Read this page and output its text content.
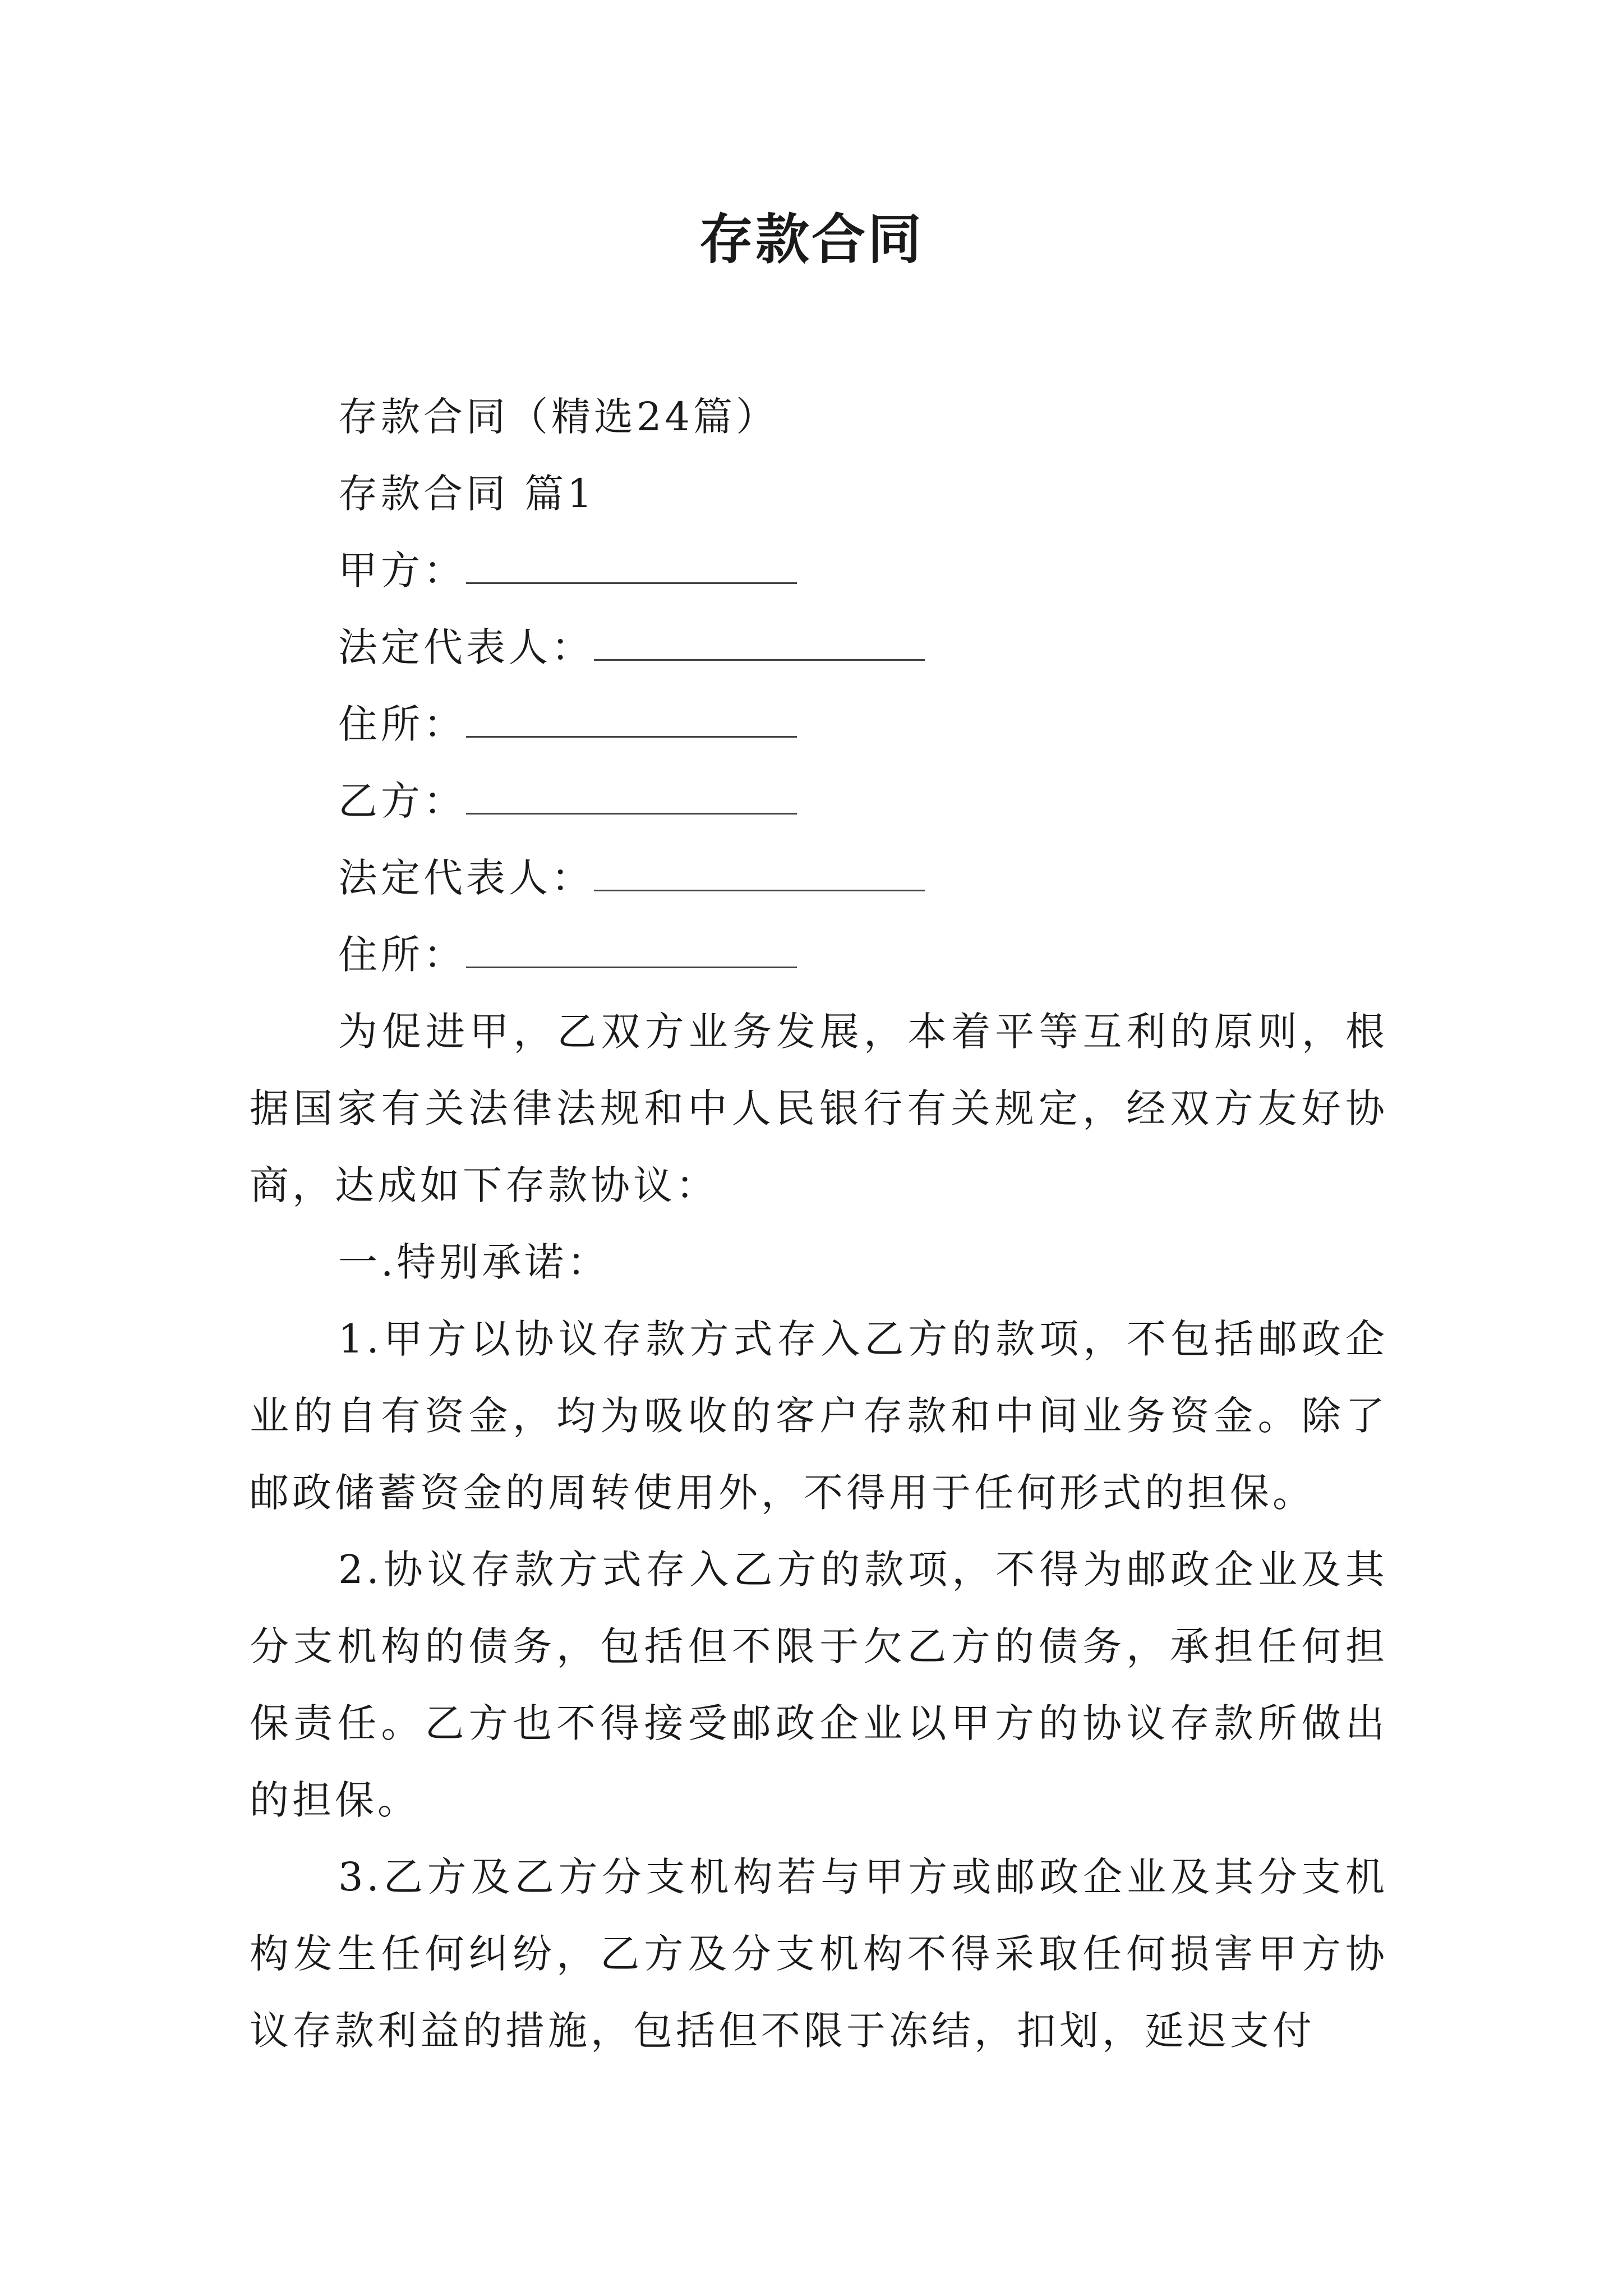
存款合同

存款合同（精选24篇）

存款合同 篇1

甲方：

法定代表人：

住所：

乙方：

法定代表人：

住所：

为促进甲，乙双方业务发展，本着平等互利的原则，根据国家有关法律法规和中人民银行有关规定，经双方友好协商，达成如下存款协议：

一.特别承诺：

1.甲方以协议存款方式存入乙方的款项，不包括邮政企业的自有资金，均为吸收的客户存款和中间业务资金。除了邮政储蓄资金的周转使用外，不得用于任何形式的担保。

2.协议存款方式存入乙方的款项，不得为邮政企业及其分支机构的债务，包括但不限于欠乙方的债务，承担任何担保责任。乙方也不得接受邮政企业以甲方的协议存款所做出的担保。

3.乙方及乙方分支机构若与甲方或邮政企业及其分支机构发生任何纠纷，乙方及分支机构不得采取任何损害甲方协议存款利益的措施，包括但不限于冻结，扣划，延迟支付
